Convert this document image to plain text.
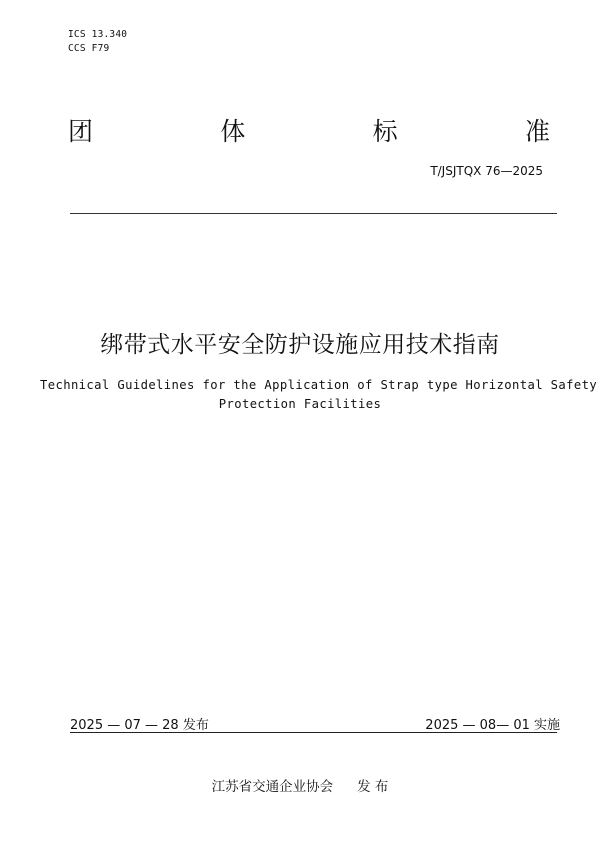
ICS 13.340
CCS F79
团	体	标	准
T/JSJTQX 76—2025
绑带式水平安全防护设施应用技术指南
Technical Guidelines for the Application of Strap type Horizontal Safety
Protection Facilities
2025 — 07 — 28 发布	2025 — 08— 01 实施
江苏省交通企业协会 发 布
